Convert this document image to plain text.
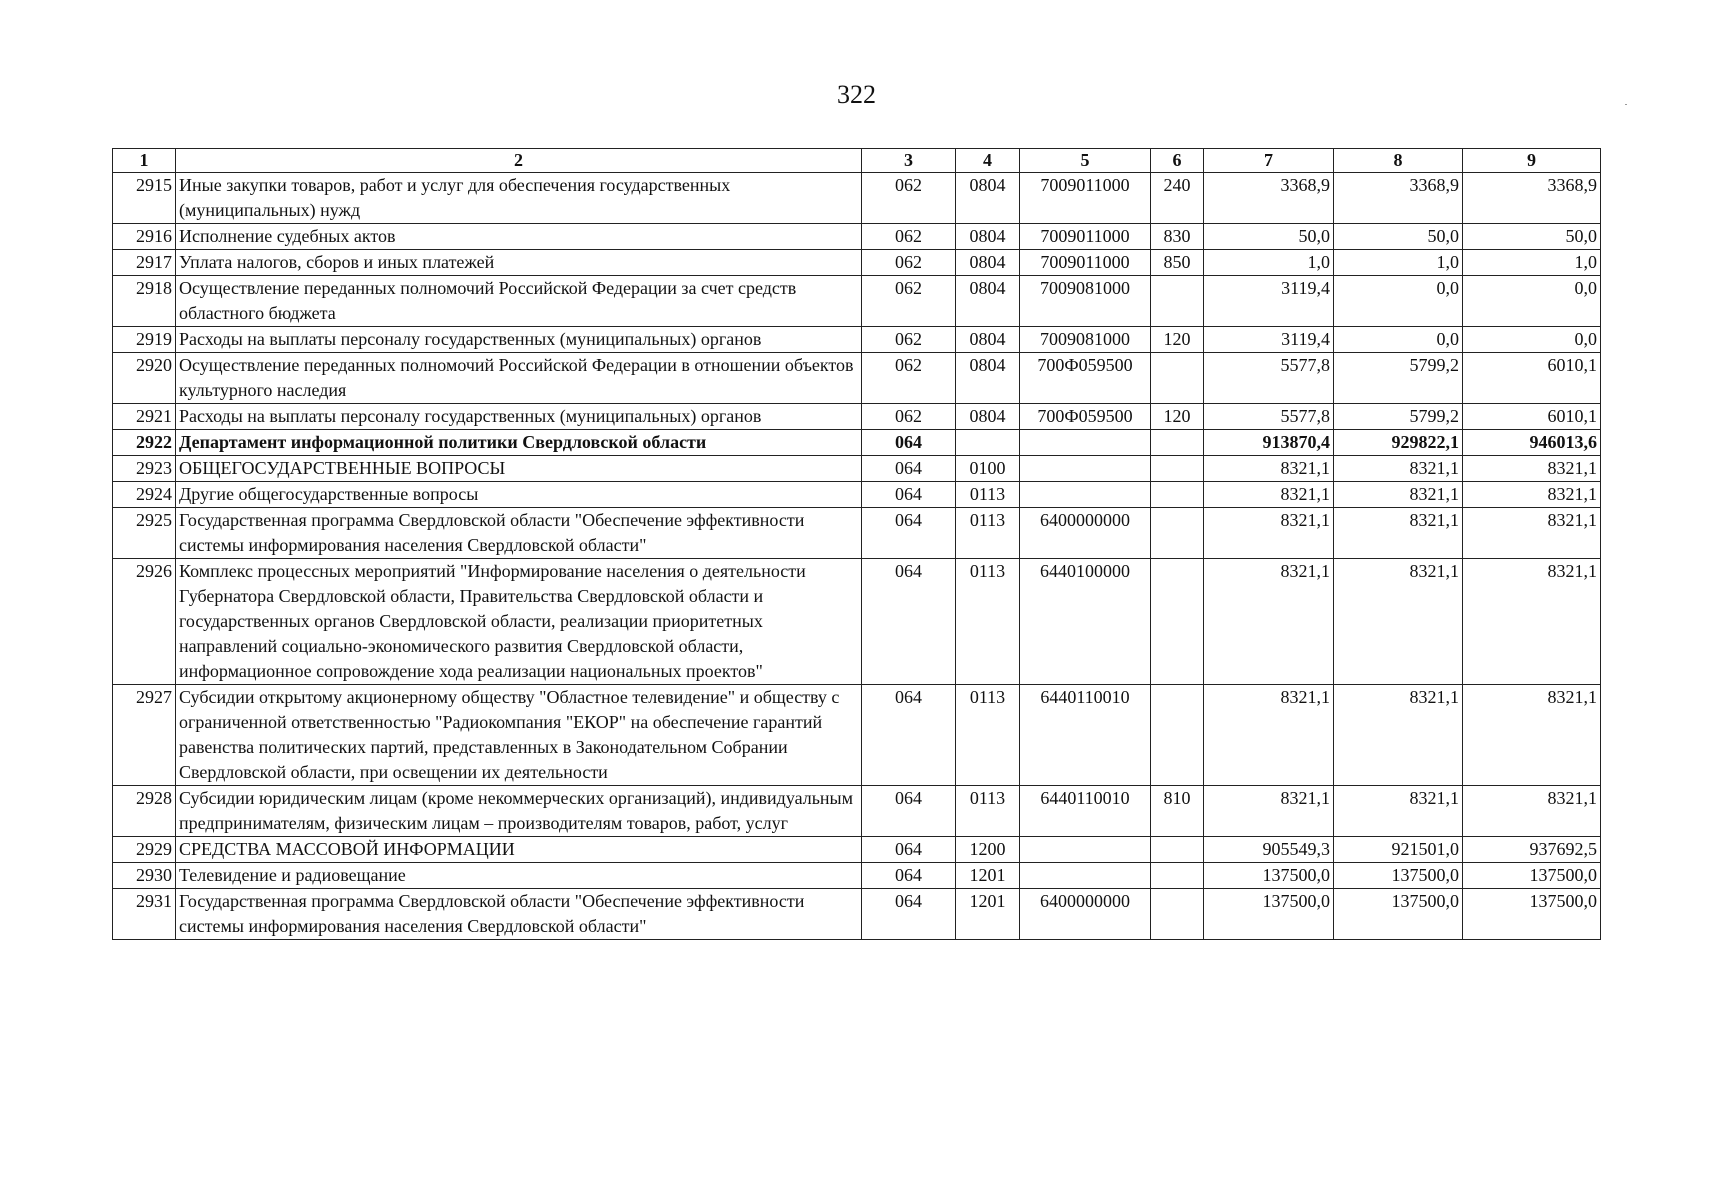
322
1	2	3	4	5	6	7	8	9
2915	Иные закупки товаров, работ и услуг для обеспечения государственных (муниципальных) нужд	062	0804	7009011000	240	3368,9	3368,9	3368,9
2916	Исполнение судебных актов	062	0804	7009011000	830	50,0	50,0	50,0
2917	Уплата налогов, сборов и иных платежей	062	0804	7009011000	850	1,0	1,0	1,0
2918	Осуществление переданных полномочий Российской Федерации за счет средств областного бюджета	062	0804	7009081000		3119,4	0,0	0,0
2919	Расходы на выплаты персоналу государственных (муниципальных) органов	062	0804	7009081000	120	3119,4	0,0	0,0
2920	Осуществление переданных полномочий Российской Федерации в отношении объектов культурного наследия	062	0804	700Ф059500		5577,8	5799,2	6010,1
2921	Расходы на выплаты персоналу государственных (муниципальных) органов	062	0804	700Ф059500	120	5577,8	5799,2	6010,1
2922	Департамент информационной политики Свердловской области	064				913870,4	929822,1	946013,6
2923	ОБЩЕГОСУДАРСТВЕННЫЕ ВОПРОСЫ	064	0100			8321,1	8321,1	8321,1
2924	Другие общегосударственные вопросы	064	0113			8321,1	8321,1	8321,1
2925	Государственная программа Свердловской области "Обеспечение эффективности системы информирования населения Свердловской области"	064	0113	6400000000		8321,1	8321,1	8321,1
2926	Комплекс процессных мероприятий "Информирование населения о деятельности Губернатора Свердловской области, Правительства Свердловской области и государственных органов Свердловской области, реализации приоритетных направлений социально-экономического развития Свердловской области, информационное сопровождение хода реализации национальных проектов"	064	0113	6440100000		8321,1	8321,1	8321,1
2927	Субсидии открытому акционерному обществу "Областное телевидение" и обществу с ограниченной ответственностью "Радиокомпания "ЕКОР" на обеспечение гарантий равенства политических партий, представленных в Законодательном Собрании Свердловской области, при освещении их деятельности	064	0113	6440110010		8321,1	8321,1	8321,1
2928	Субсидии юридическим лицам (кроме некоммерческих организаций), индивидуальным предпринимателям, физическим лицам – производителям товаров, работ, услуг	064	0113	6440110010	810	8321,1	8321,1	8321,1
2929	СРЕДСТВА МАССОВОЙ ИНФОРМАЦИИ	064	1200			905549,3	921501,0	937692,5
2930	Телевидение и радиовещание	064	1201			137500,0	137500,0	137500,0
2931	Государственная программа Свердловской области "Обеспечение эффективности системы информирования населения Свердловской области"	064	1201	6400000000		137500,0	137500,0	137500,0
